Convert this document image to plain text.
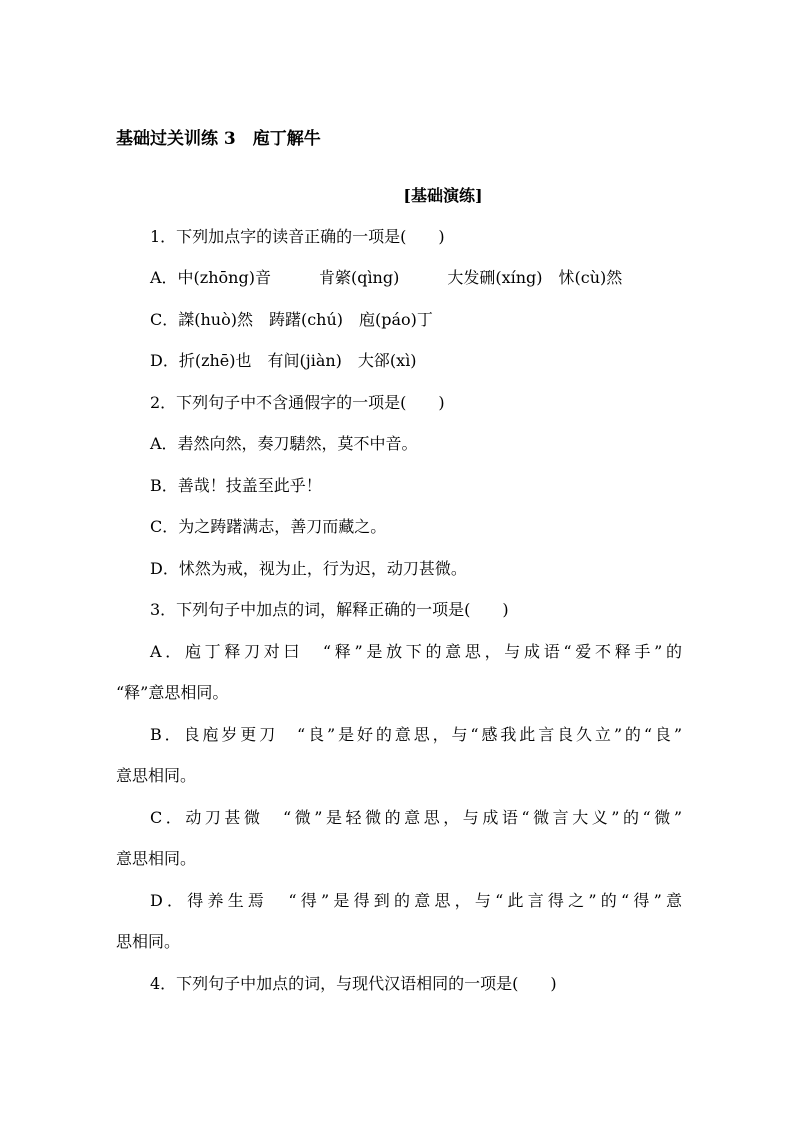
基础过关训练 3　庖丁解牛
[基础演练]

1．下列加点字的读音正确的一项是(　　)

A．中(zhōng)音　　　肯綮(qìng)　　　大发硎(xíng)　怵(cù)然

C．謋(huò)然　踌躇(chú)　庖(páo)丁

D．折(zhē)也　有间(jiàn)　大郤(xì)

2．下列句子中不含通假字的一项是(　　)

A．砉然向然，奏刀騞然，莫不中音。

B．善哉！技盖至此乎！

C．为之踌躇满志，善刀而藏之。

D．怵然为戒，视为止，行为迟，动刀甚微。

3．下列句子中加点的词，解释正确的一项是(　　)

A．庖丁释刀对曰　“释”是放下的意思，与成语“爱不释手”的

“释”意思相同。

B．良庖岁更刀　“良”是好的意思，与“感我此言良久立”的“良”

意思相同。

C．动刀甚微　“微”是轻微的意思，与成语“微言大义”的“微”

意思相同。

D．得养生焉　“得”是得到的意思，与“此言得之”的“得”意

思相同。

4．下列句子中加点的词，与现代汉语相同的一项是(　　)
